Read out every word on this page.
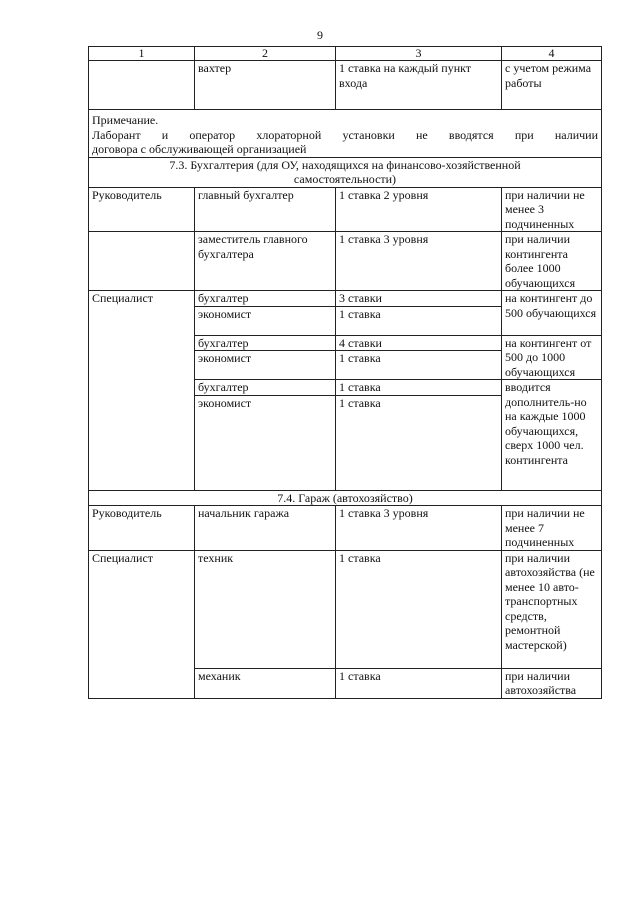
9
1	2	3	4
	вахтер	1 ставка на каждый пункт входа	с учетом режима работы

Примечание.
Лаборант и оператор хлораторной установки не вводятся при наличии
договора с обслуживающей организацией			

7.3. Бухгалтерия (для ОУ, находящихся на финансово-хозяйственной самостоятельности)			
Руководитель	главный бухгалтер	1 ставка 2 уровня	при наличии не менее 3 подчиненных
	заместитель главного бухгалтера	1 ставка 3 уровня	при наличии контингента более 1000 обучающихся
Специалист	бухгалтер	3 ставки	на контингент до 500 обучающихся
	экономист	1 ставка	
	бухгалтер	4 ставки	на контингент от 500 до 1000 обучающихся
	экономист	1 ставка	
	бухгалтер	1 ставка	вводится дополнитель-но на каждые 1000 обучающихся, сверх 1000 чел. контингента
	экономист	1 ставка	
7.4. Гараж (автохозяйство)			
Руководитель	начальник гаража	1 ставка 3 уровня	при наличии не менее 7 подчиненных
Специалист	техник	1 ставка	при наличии автохозяйства (не менее 10 авто-транспортных средств, ремонтной мастерской)
	механик	1 ставка	при наличии автохозяйства
